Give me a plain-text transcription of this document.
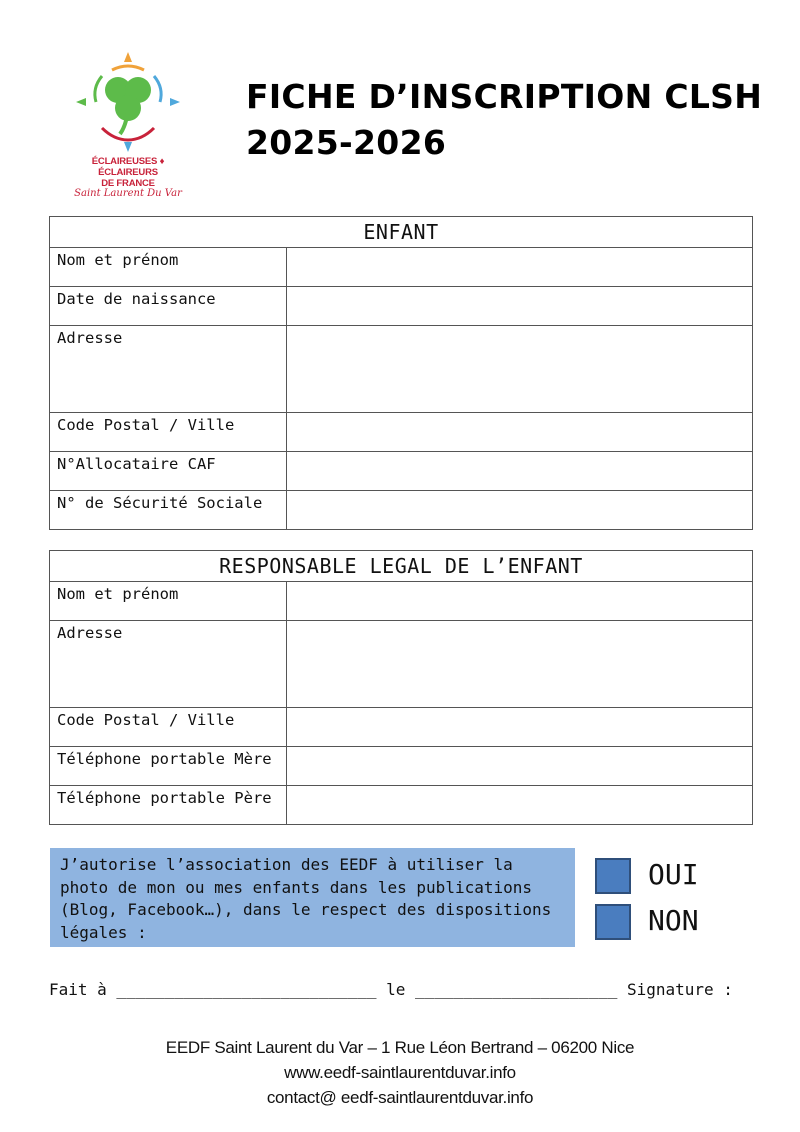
ÉCLAIREUSES ♦ ÉCLAIREURS
DE FRANCE
Saint Laurent Du Var
FICHE D’INSCRIPTION CLSH
2025-2026
ENFANT	
Nom et prénom	
Date de naissance	
Adresse	
Code Postal / Ville	
N°Allocataire CAF	
N° de Sécurité Sociale	
RESPONSABLE LEGAL DE L’ENFANT	
Nom et prénom	
Adresse	
Code Postal / Ville	
Téléphone portable Mère	
Téléphone portable Père	
J’autorise l’association des EEDF à utiliser la
photo de mon ou mes enfants dans les publications
(Blog, Facebook…), dans le respect des dispositions
légales :
OUI
NON
Fait à ___________________________ le _____________________ Signature :
EEDF Saint Laurent du Var – 1 Rue Léon Bertrand – 06200 Nice
www.eedf-saintlaurentduvar.info
contact@ eedf-saintlaurentduvar.info
